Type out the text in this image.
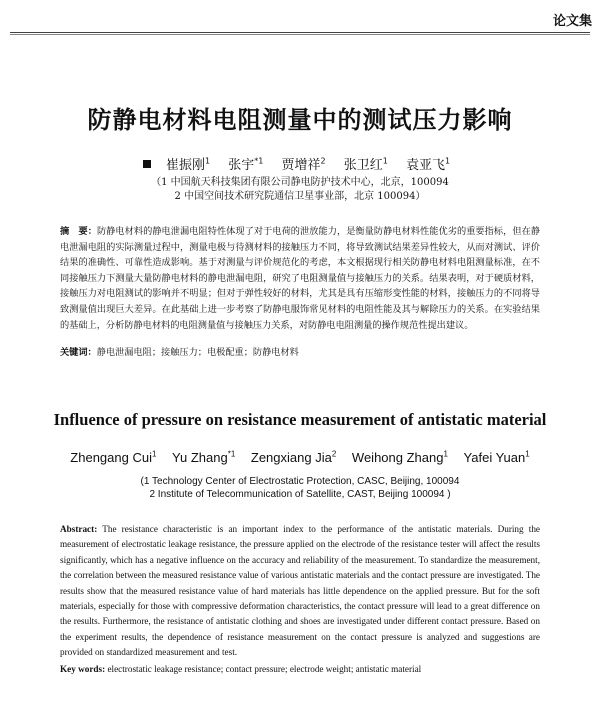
论文集
防静电材料电阻测量中的测试压力影响
崔振刚$^1$ 张宇$^{*1}$ 贾增祥$^2$ 张卫红$^1$ 袁亚飞$^1$
（1 中国航天科技集团有限公司静电防护技术中心，北京，100094
2 中国空间技术研究院通信卫星事业部，北京 100094）
摘　要：防静电材料的静电泄漏电阻特性体现了对于电荷的泄放能力，是衡量防静电材料性能优劣的重要指标，但在静电泄漏电阻的实际测量过程中，测量电极与待测材料的接触压力不同，将导致测试结果差异性较大，从而对测试、评价结果的准确性、可靠性造成影响。基于对测量与评价规范化的考虑，本文根据现行相关防静电材料电阻测量标准，在不同接触压力下测量大量防静电材料的静电泄漏电阻，研究了电阻测量值与接触压力的关系。结果表明，对于硬质材料，接触压力对电阻测试的影响并不明显；但对于弹性较好的材料，尤其是具有压缩形变性能的材料，接触压力的不同将导致测量值出现巨大差异。在此基础上进一步考察了防静电服饰常见材料的电阻性能及其与解除压力的关系。在实验结果的基础上，分析防静电材料的电阻测量值与接触压力关系，对防静电电阻测量的操作规范性提出建议。
关键词：静电泄漏电阻；接触压力；电极配重；防静电材料
Influence of pressure on resistance measurement of antistatic material
Zhengang Cui$^1$ Yu Zhang$^{*1}$ Zengxiang Jia$^2$ Weihong Zhang$^1$ Yafei Yuan$^1$
(1 Technology Center of Electrostatic Protection, CASC, Beijing, 100094
2 Institute of Telecommunication of Satellite, CAST, Beijing 100094 )
Abstract: The resistance characteristic is an important index to the performance of the antistatic materials. During the measurement of electrostatic leakage resistance, the pressure applied on the electrode of the resistance tester will affect the results significantly, which has a negative influence on the accuracy and reliability of the measurement. To standardize the measurement, the correlation between the measured resistance value of various antistatic materials and the contact pressure are investigated. The results show that the measured resistance value of hard materials has little dependence on the applied pressure. But for the soft materials, especially for those with compressive deformation characteristics, the contact pressure will lead to a great difference on the results. Furthermore, the resistance of antistatic clothing and shoes are investigated under different contact pressure. Based on the experiment results, the dependence of resistance measurement on the contact pressure is analyzed and suggestions are provided on standardized measurement and test.
Key words: electrostatic leakage resistance; contact pressure; electrode weight; antistatic material
